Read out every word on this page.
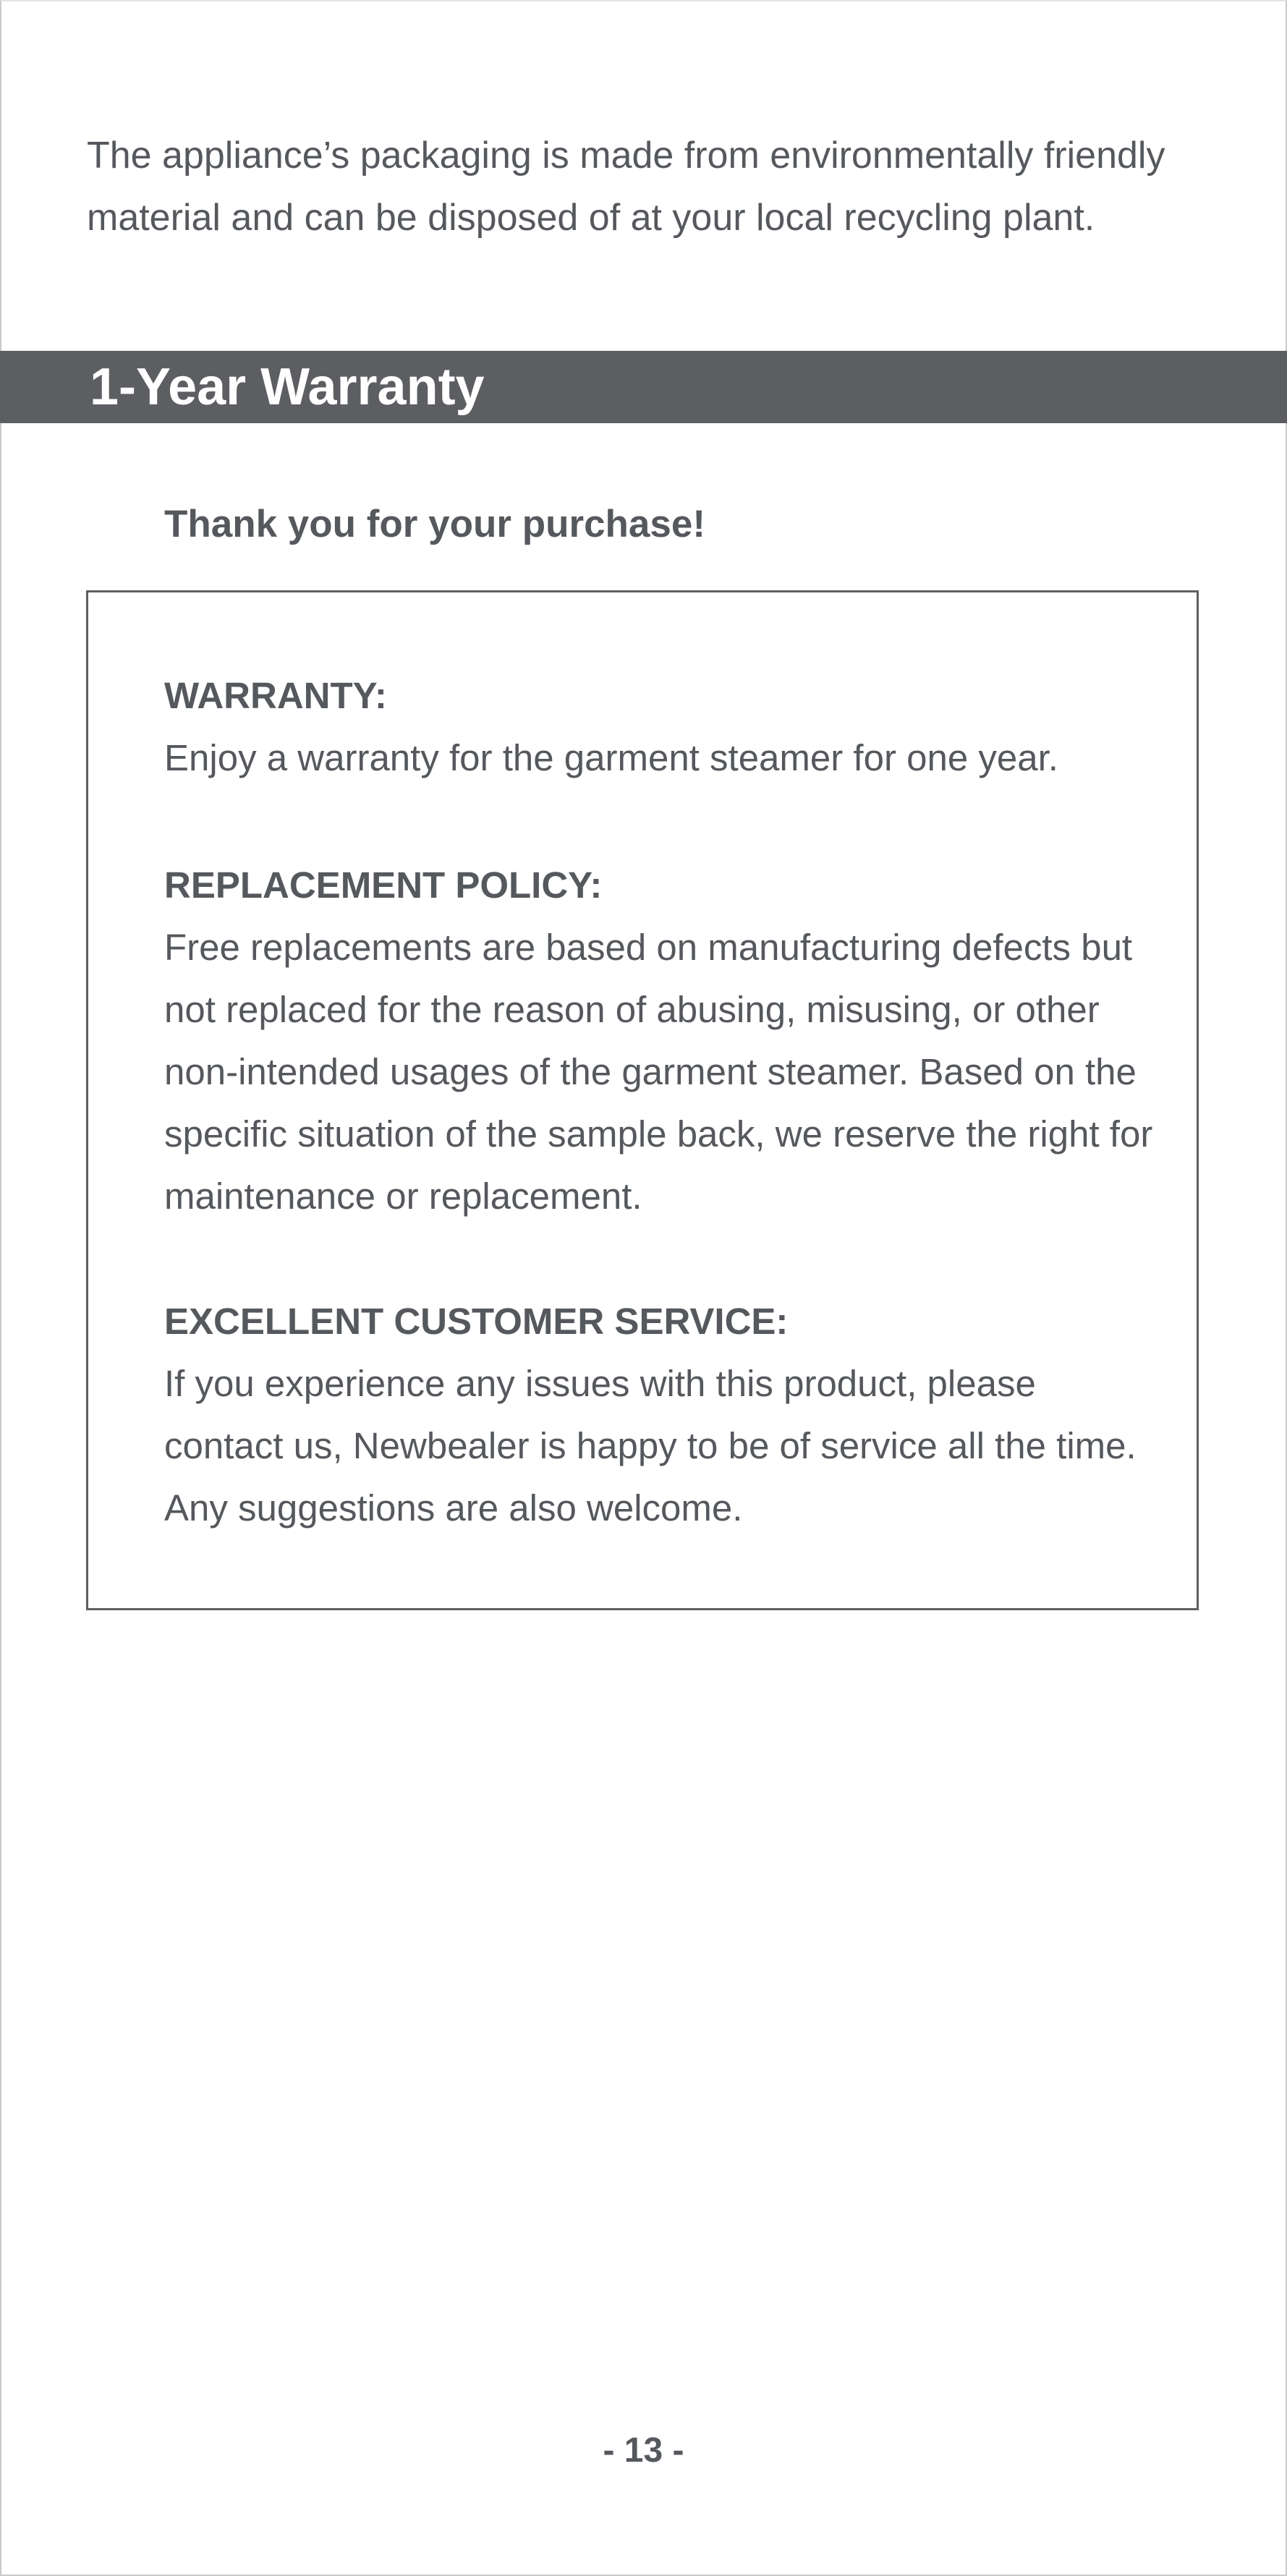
The appliance’s packaging is made from environmentally friendly material and can be disposed of at your local recycling plant.

1-Year Warranty

Thank you for your purchase!

WARRANTY:

Enjoy a warranty for the garment steamer for one year.

REPLACEMENT POLICY:

Free replacements are based on manufacturing defects but not replaced for the reason of abusing, misusing, or other non-intended usages of the garment steamer. Based on the specific situation of the sample back, we reserve the right for maintenance or replacement.

EXCELLENT CUSTOMER SERVICE:

If you experience any issues with this product, please contact us, Newbealer is happy to be of service all the time. Any suggestions are also welcome.

- 13 -
